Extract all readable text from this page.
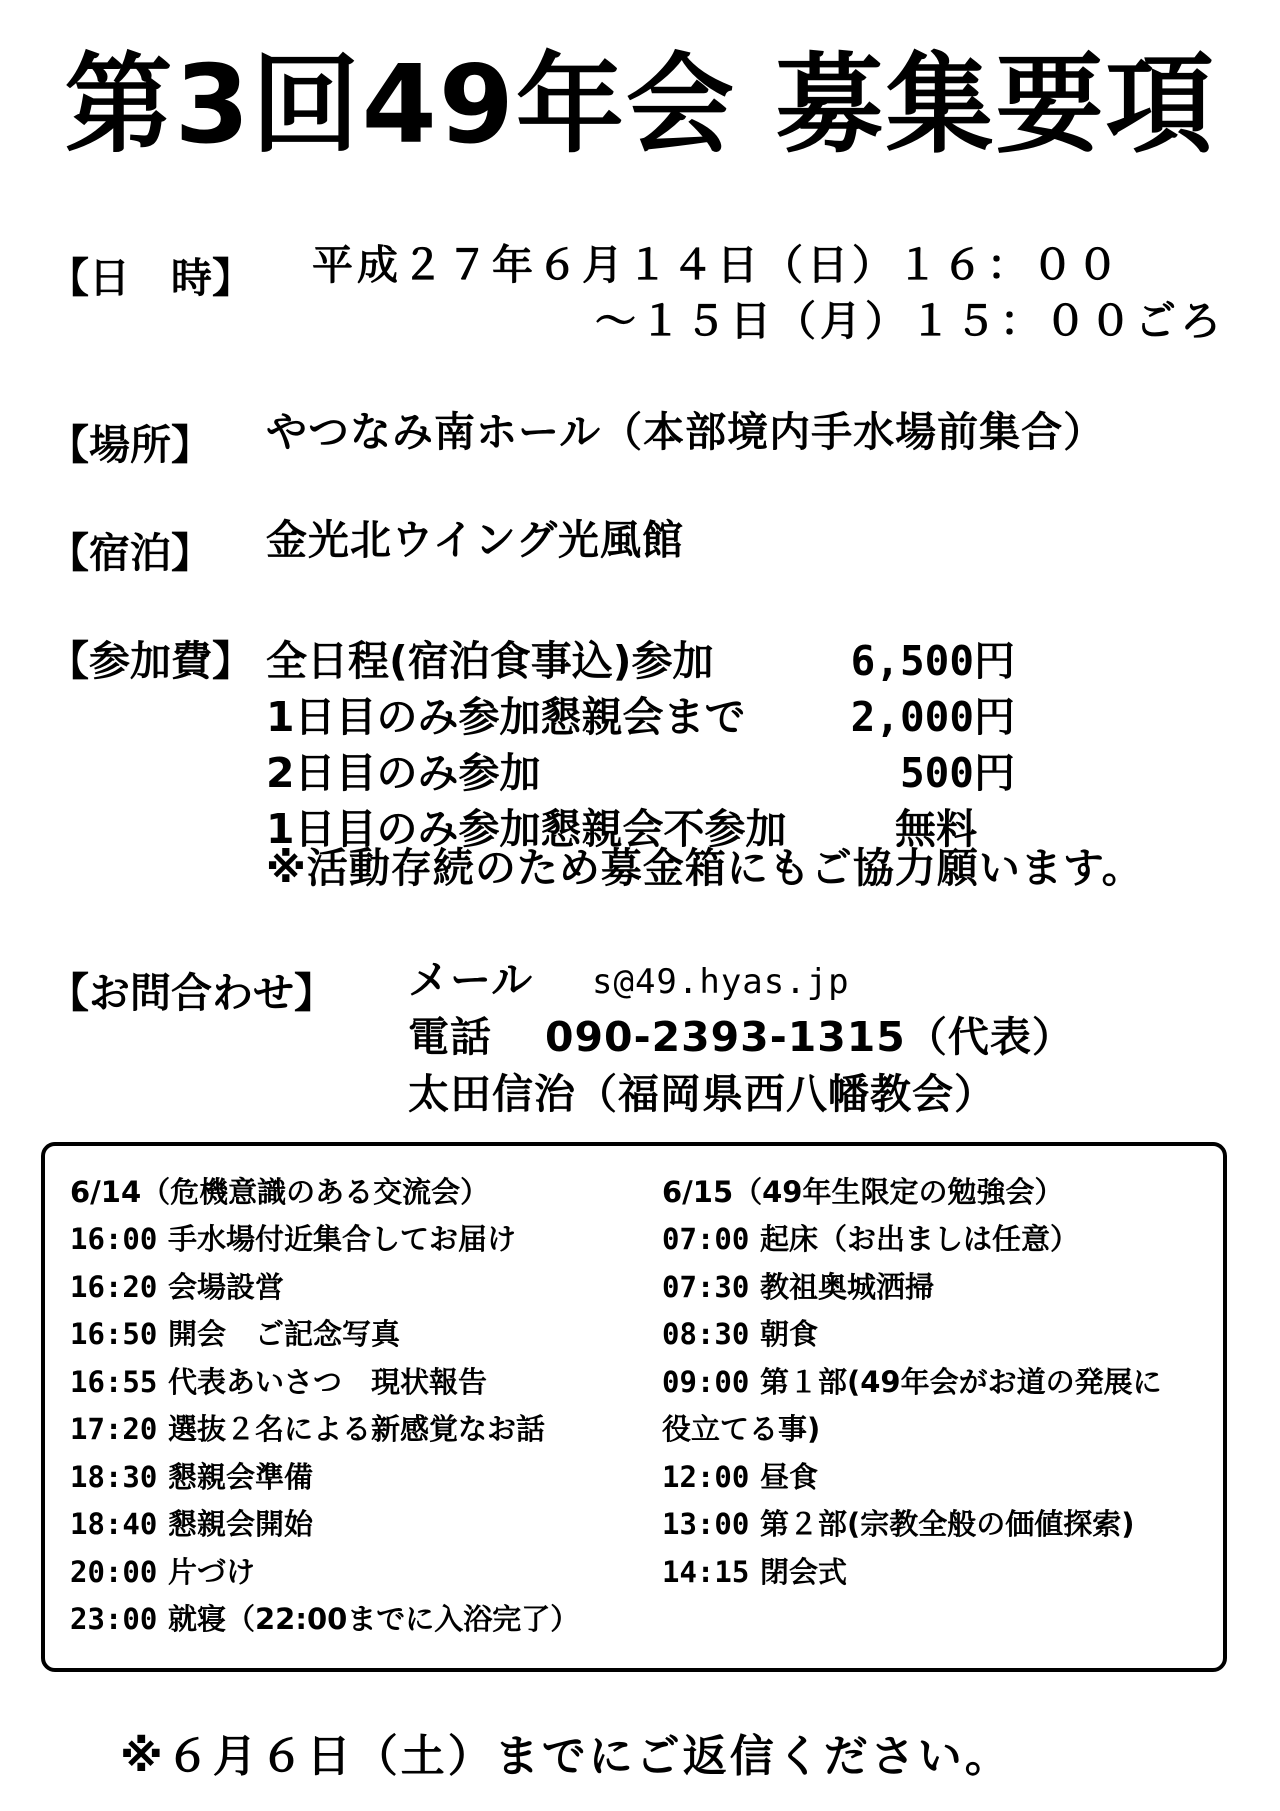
第3回49年会 募集要項
【日　時】 平成２７年６月１４日（日）１６：００
～１５日（月）１５：００ごろ
【場所】 やつなみ南ホール（本部境内手水場前集合）
【宿泊】 金光北ウイング光風館
【参加費】 全日程(宿泊食事込)参加	6,500円
1日目のみ参加懇親会まで	2,000円
2日目のみ参加	500円
1日目のみ参加懇親会不参加	無料
※活動存続のため募金箱にもご協力願います。
【お問合わせ】 メール s@49.hyas.jp
電話 090-2393-1315（代表）
太田信治（福岡県西八幡教会）
6/14（危機意識のある交流会）
16:00 手水場付近集合してお届け
16:20 会場設営
16:50 開会　ご記念写真
16:55 代表あいさつ　現状報告
17:20 選抜２名による新感覚なお話
18:30 懇親会準備
18:40 懇親会開始
20:00 片づけ
23:00 就寝（22:00までに入浴完了）
6/15（49年生限定の勉強会）
07:00 起床（お出ましは任意）
07:30 教祖奥城洒掃
08:30 朝食
09:00 第１部(49年会がお道の発展に
役立てる事)
12:00 昼食
13:00 第２部(宗教全般の価値探索)
14:15 閉会式
※６月６日（土）までにご返信ください。
